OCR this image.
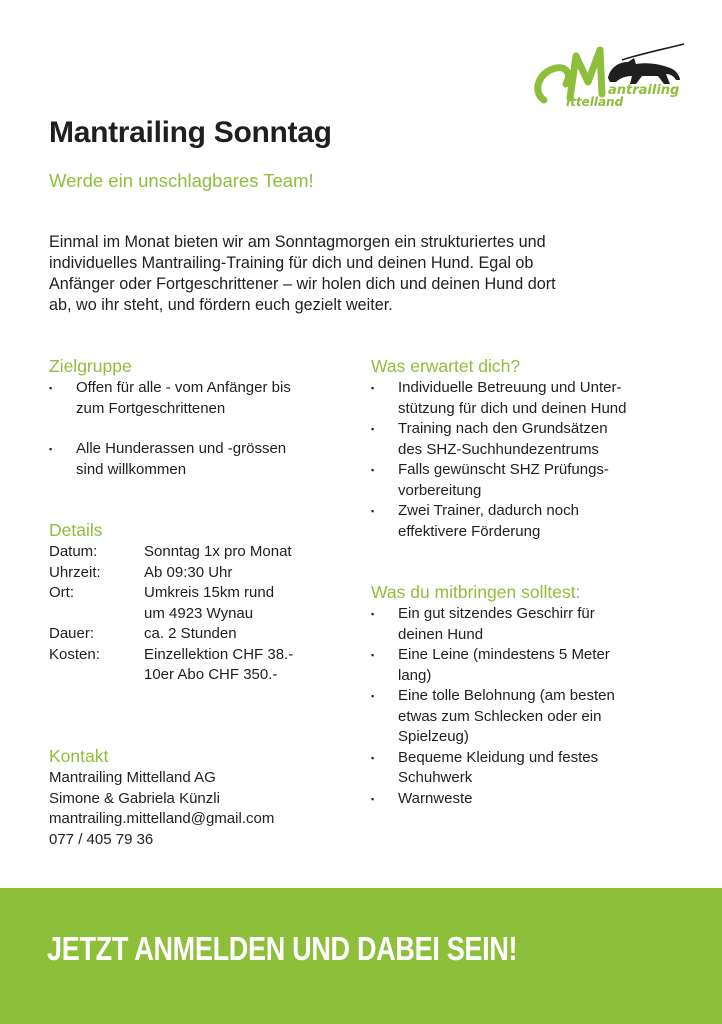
antrailing
ittelland
Mantrailing Sonntag
Werde ein unschlagbares Team!
Einmal im Monat bieten wir am Sonntagmorgen ein strukturiertes und
individuelles Mantrailing-Training für dich und deinen Hund. Egal ob
Anfänger oder Fortgeschrittener – wir holen dich und deinen Hund dort
ab, wo ihr steht, und fördern euch gezielt weiter.
Zielgruppe
▪ Offen für alle - vom Anfänger bis
zum Fortgeschrittenen
▪ Alle Hunderassen und -grössen
sind willkommen
Details
Datum:	Sonntag 1x pro Monat
Uhrzeit:	Ab 09:30 Uhr
Ort:	Umkreis 15km rund
um 4923 Wynau
Dauer:	ca. 2 Stunden
Kosten:	Einzellektion CHF 38.-
10er Abo CHF 350.-
Kontakt
Mantrailing Mittelland AG
Simone & Gabriela Künzli
mantrailing.mittelland@gmail.com
077 / 405 79 36
Was erwartet dich?
▪ Individuelle Betreuung und Unter-
stützung für dich und deinen Hund
▪ Training nach den Grundsätzen
des SHZ-Suchhundezentrums
▪ Falls gewünscht SHZ Prüfungs-
vorbereitung
▪ Zwei Trainer, dadurch noch
effektivere Förderung
Was du mitbringen solltest:
▪ Ein gut sitzendes Geschirr für
deinen Hund
▪ Eine Leine (mindestens 5 Meter
lang)
▪ Eine tolle Belohnung (am besten
etwas zum Schlecken oder ein
Spielzeug)
▪ Bequeme Kleidung und festes
Schuhwerk
▪ Warnweste
JETZT ANMELDEN UND DABEI SEIN!
